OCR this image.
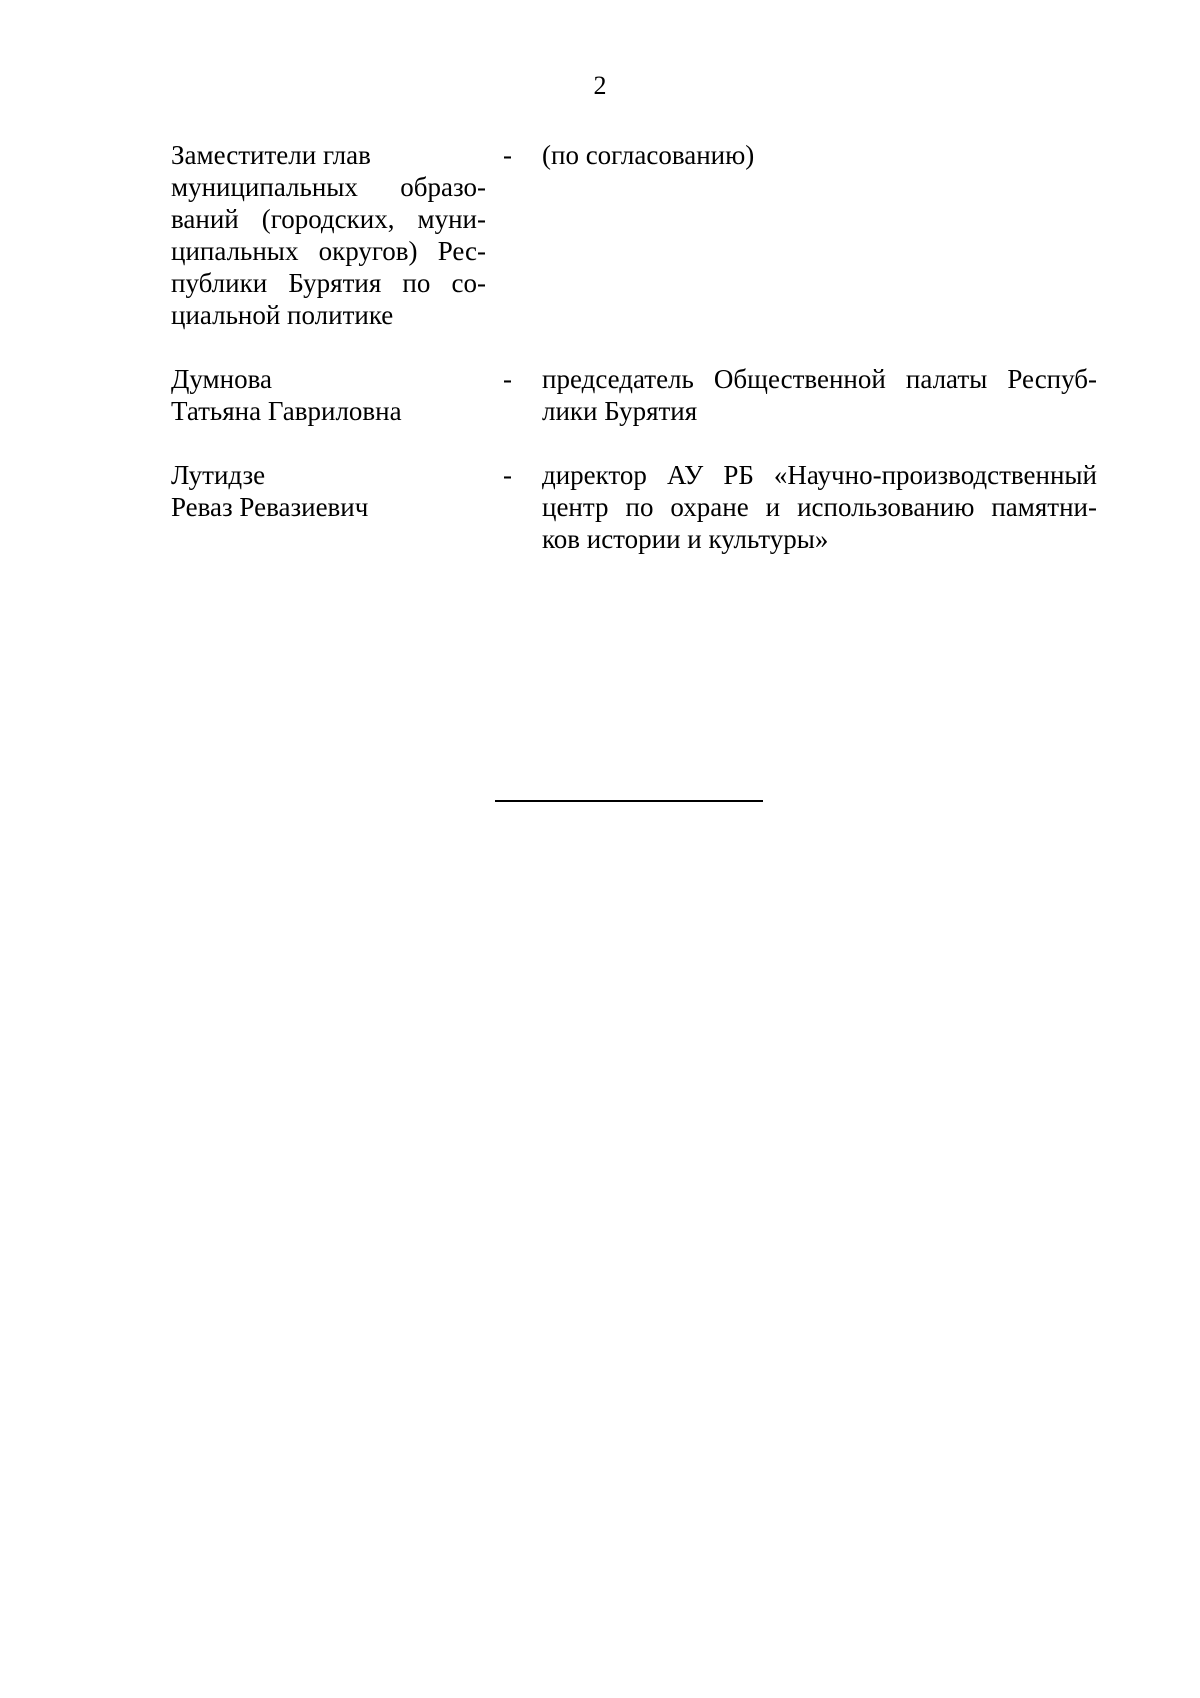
2
Заместители глав
муниципальных образо-
ваний (городских, муни-
ципальных округов) Рес-
публики Бурятия по со-
циальной политике
-	(по согласованию)
Думнова
Татьяна Гавриловна
-	председатель Общественной палаты Респуб-
лики Бурятия
Лутидзе
Реваз Ревазиевич
-	директор АУ РБ «Научно-производственный
центр по охране и использованию памятни-
ков истории и культуры»
